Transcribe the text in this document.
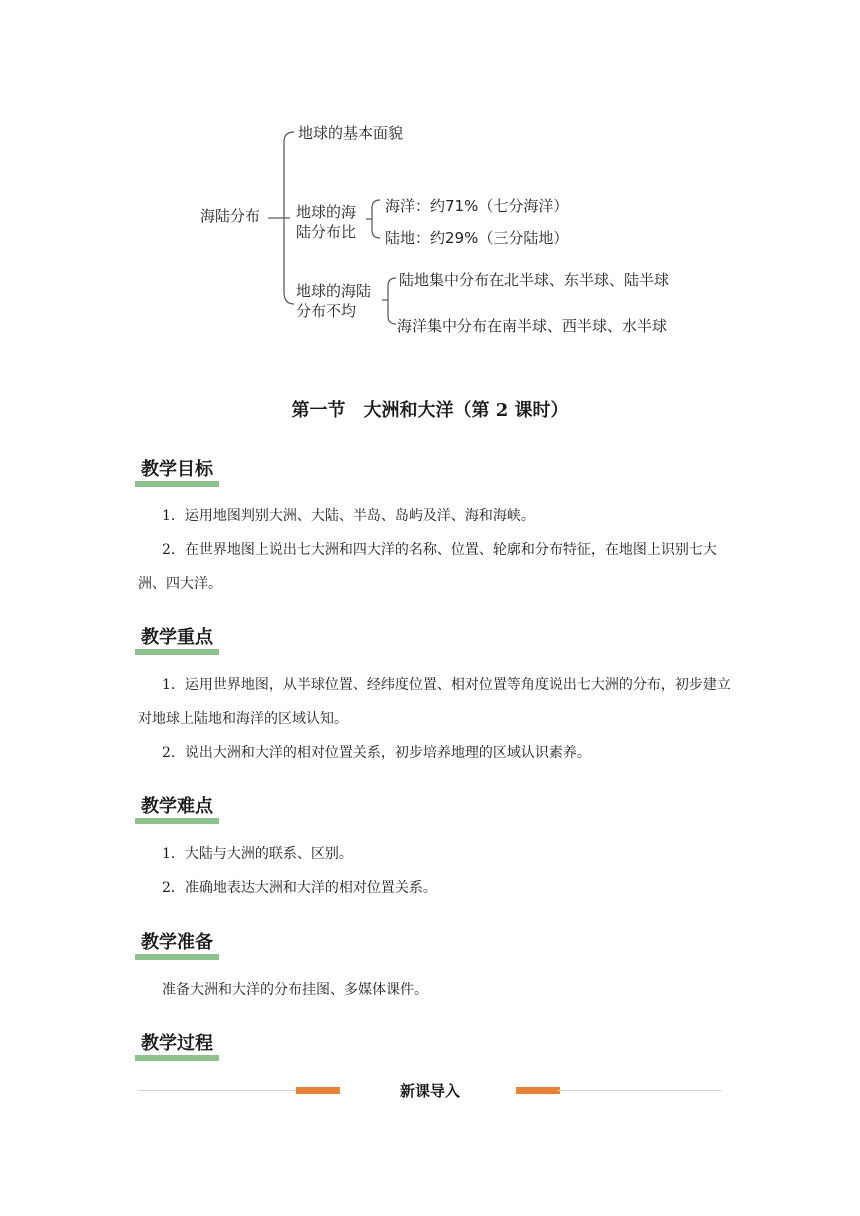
海陆分布
地球的基本面貌
地球的海
陆分布比
海洋：约71%（七分海洋）
陆地：约29%（三分陆地）
地球的海陆
分布不均
陆地集中分布在北半球、东半球、陆半球
海洋集中分布在南半球、西半球、水半球
第一节　大洲和大洋（第 2 课时）
教学目标

1．运用地图判别大洲、大陆、半岛、岛屿及洋、海和海峡。

2．在世界地图上说出七大洲和四大洋的名称、位置、轮廓和分布特征，在地图上识别七大洲、四大洋。

教学重点

1．运用世界地图，从半球位置、经纬度位置、相对位置等角度说出七大洲的分布，初步建立对地球上陆地和海洋的区域认知。

2．说出大洲和大洋的相对位置关系，初步培养地理的区域认识素养。

教学难点

1．大陆与大洲的联系、区别。

2．准确地表达大洲和大洋的相对位置关系。

教学准备

准备大洲和大洋的分布挂图、多媒体课件。

教学过程
新课导入
